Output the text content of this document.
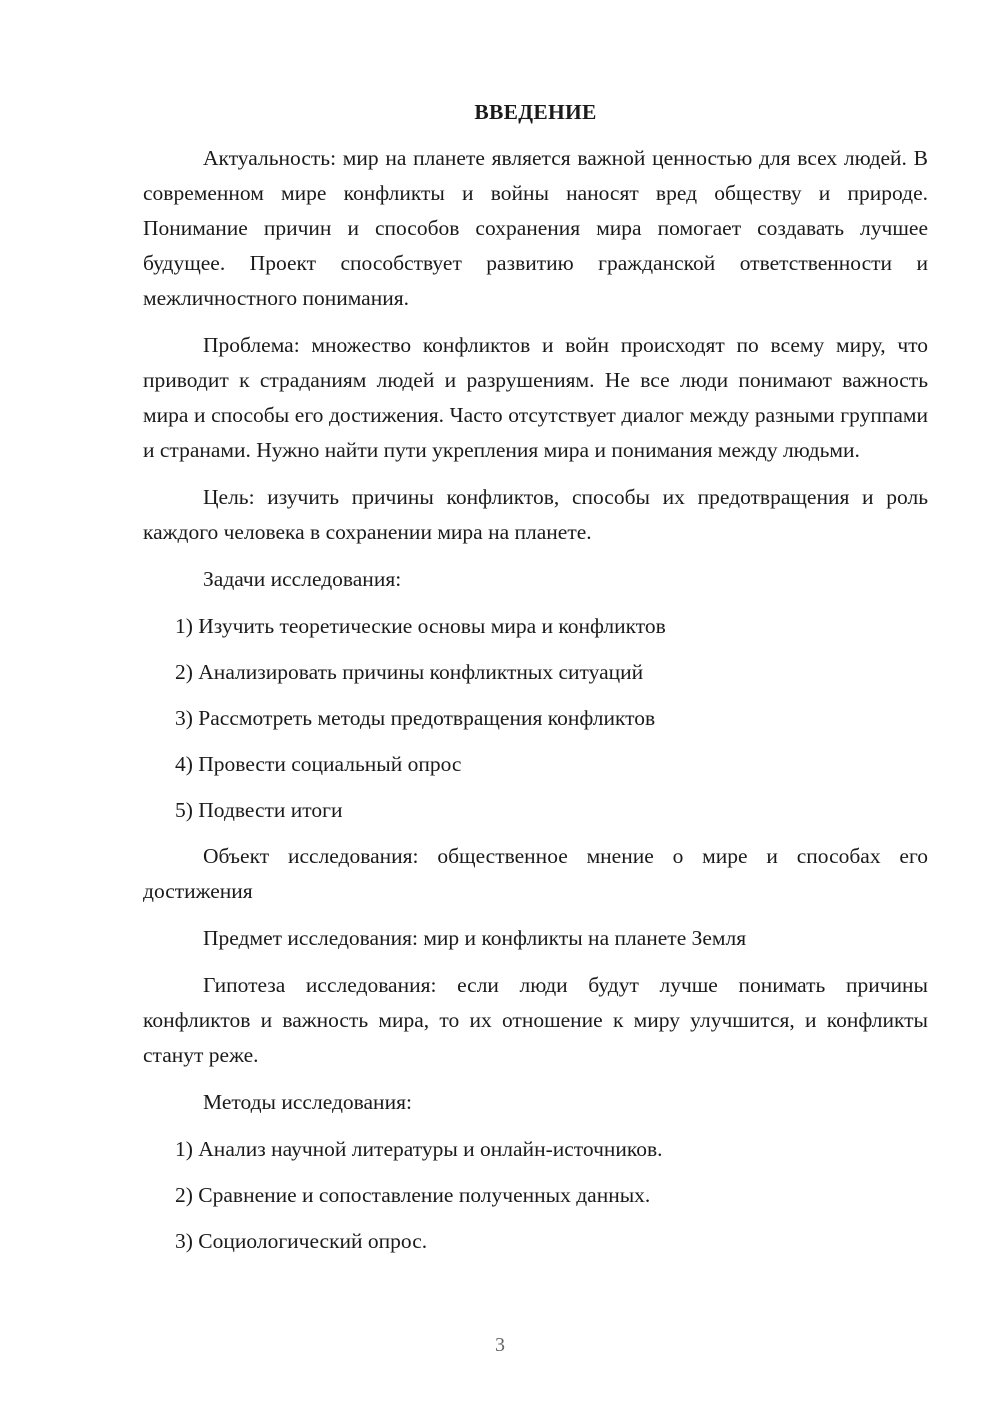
ВВЕДЕНИЕ

Актуальность: мир на планете является важной ценностью для всех людей. В современном мире конфликты и войны наносят вред обществу и природе. Понимание причин и способов сохранения мира помогает создавать лучшее будущее. Проект способствует развитию гражданской ответственности и межличностного понимания.

Проблема: множество конфликтов и войн происходят по всему миру, что приводит к страданиям людей и разрушениям. Не все люди понимают важность мира и способы его достижения. Часто отсутствует диалог между разными группами и странами. Нужно найти пути укрепления мира и понимания между людьми.

Цель: изучить причины конфликтов, способы их предотвращения и роль каждого человека в сохранении мира на планете.

Задачи исследования:

1) Изучить теоретические основы мира и конфликтов
2) Анализировать причины конфликтных ситуаций
3) Рассмотреть методы предотвращения конфликтов
4) Провести социальный опрос
5) Подвести итоги

Объект исследования: общественное мнение о мире и способах его достижения

Предмет исследования: мир и конфликты на планете Земля

Гипотеза исследования: если люди будут лучше понимать причины конфликтов и важность мира, то их отношение к миру улучшится, и конфликты станут реже.

Методы исследования:

1) Анализ научной литературы и онлайн-источников.
2) Сравнение и сопоставление полученных данных.
3) Социологический опрос.
3
